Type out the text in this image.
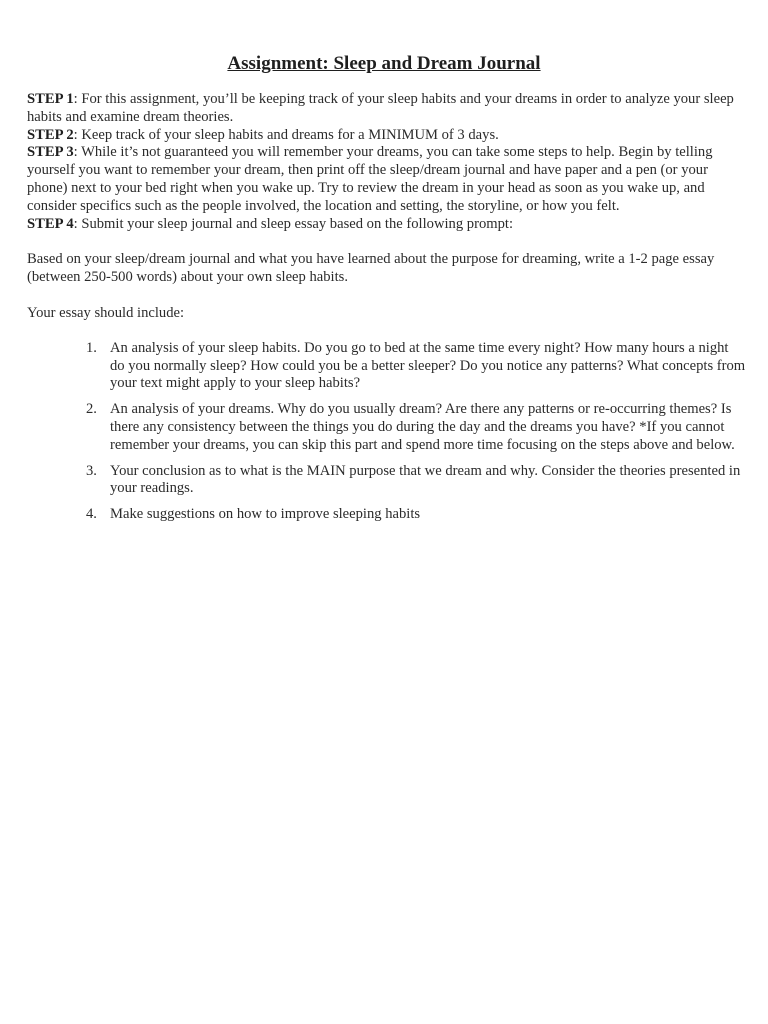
Assignment: Sleep and Dream Journal

STEP 1: For this assignment, you’ll be keeping track of your sleep habits and your dreams in order to analyze your sleep habits and examine dream theories.

STEP 2: Keep track of your sleep habits and dreams for a MINIMUM of 3 days.

STEP 3: While it’s not guaranteed you will remember your dreams, you can take some steps to help. Begin by telling yourself you want to remember your dream, then print off the sleep/dream journal and have paper and a pen (or your phone) next to your bed right when you wake up. Try to review the dream in your head as soon as you wake up, and consider specifics such as the people involved, the location and setting, the storyline, or how you felt.

STEP 4: Submit your sleep journal and sleep essay based on the following prompt:

Based on your sleep/dream journal and what you have learned about the purpose for dreaming, write a 1-2 page essay (between 250-500 words) about your own sleep habits.

Your essay should include:

1. An analysis of your sleep habits. Do you go to bed at the same time every night? How many hours a night do you normally sleep? How could you be a better sleeper? Do you notice any patterns? What concepts from your text might apply to your sleep habits?
2. An analysis of your dreams. Why do you usually dream? Are there any patterns or re-occurring themes? Is there any consistency between the things you do during the day and the dreams you have? *If you cannot remember your dreams, you can skip this part and spend more time focusing on the steps above and below.
3. Your conclusion as to what is the MAIN purpose that we dream and why. Consider the theories presented in your readings.
4. Make suggestions on how to improve sleeping habits
